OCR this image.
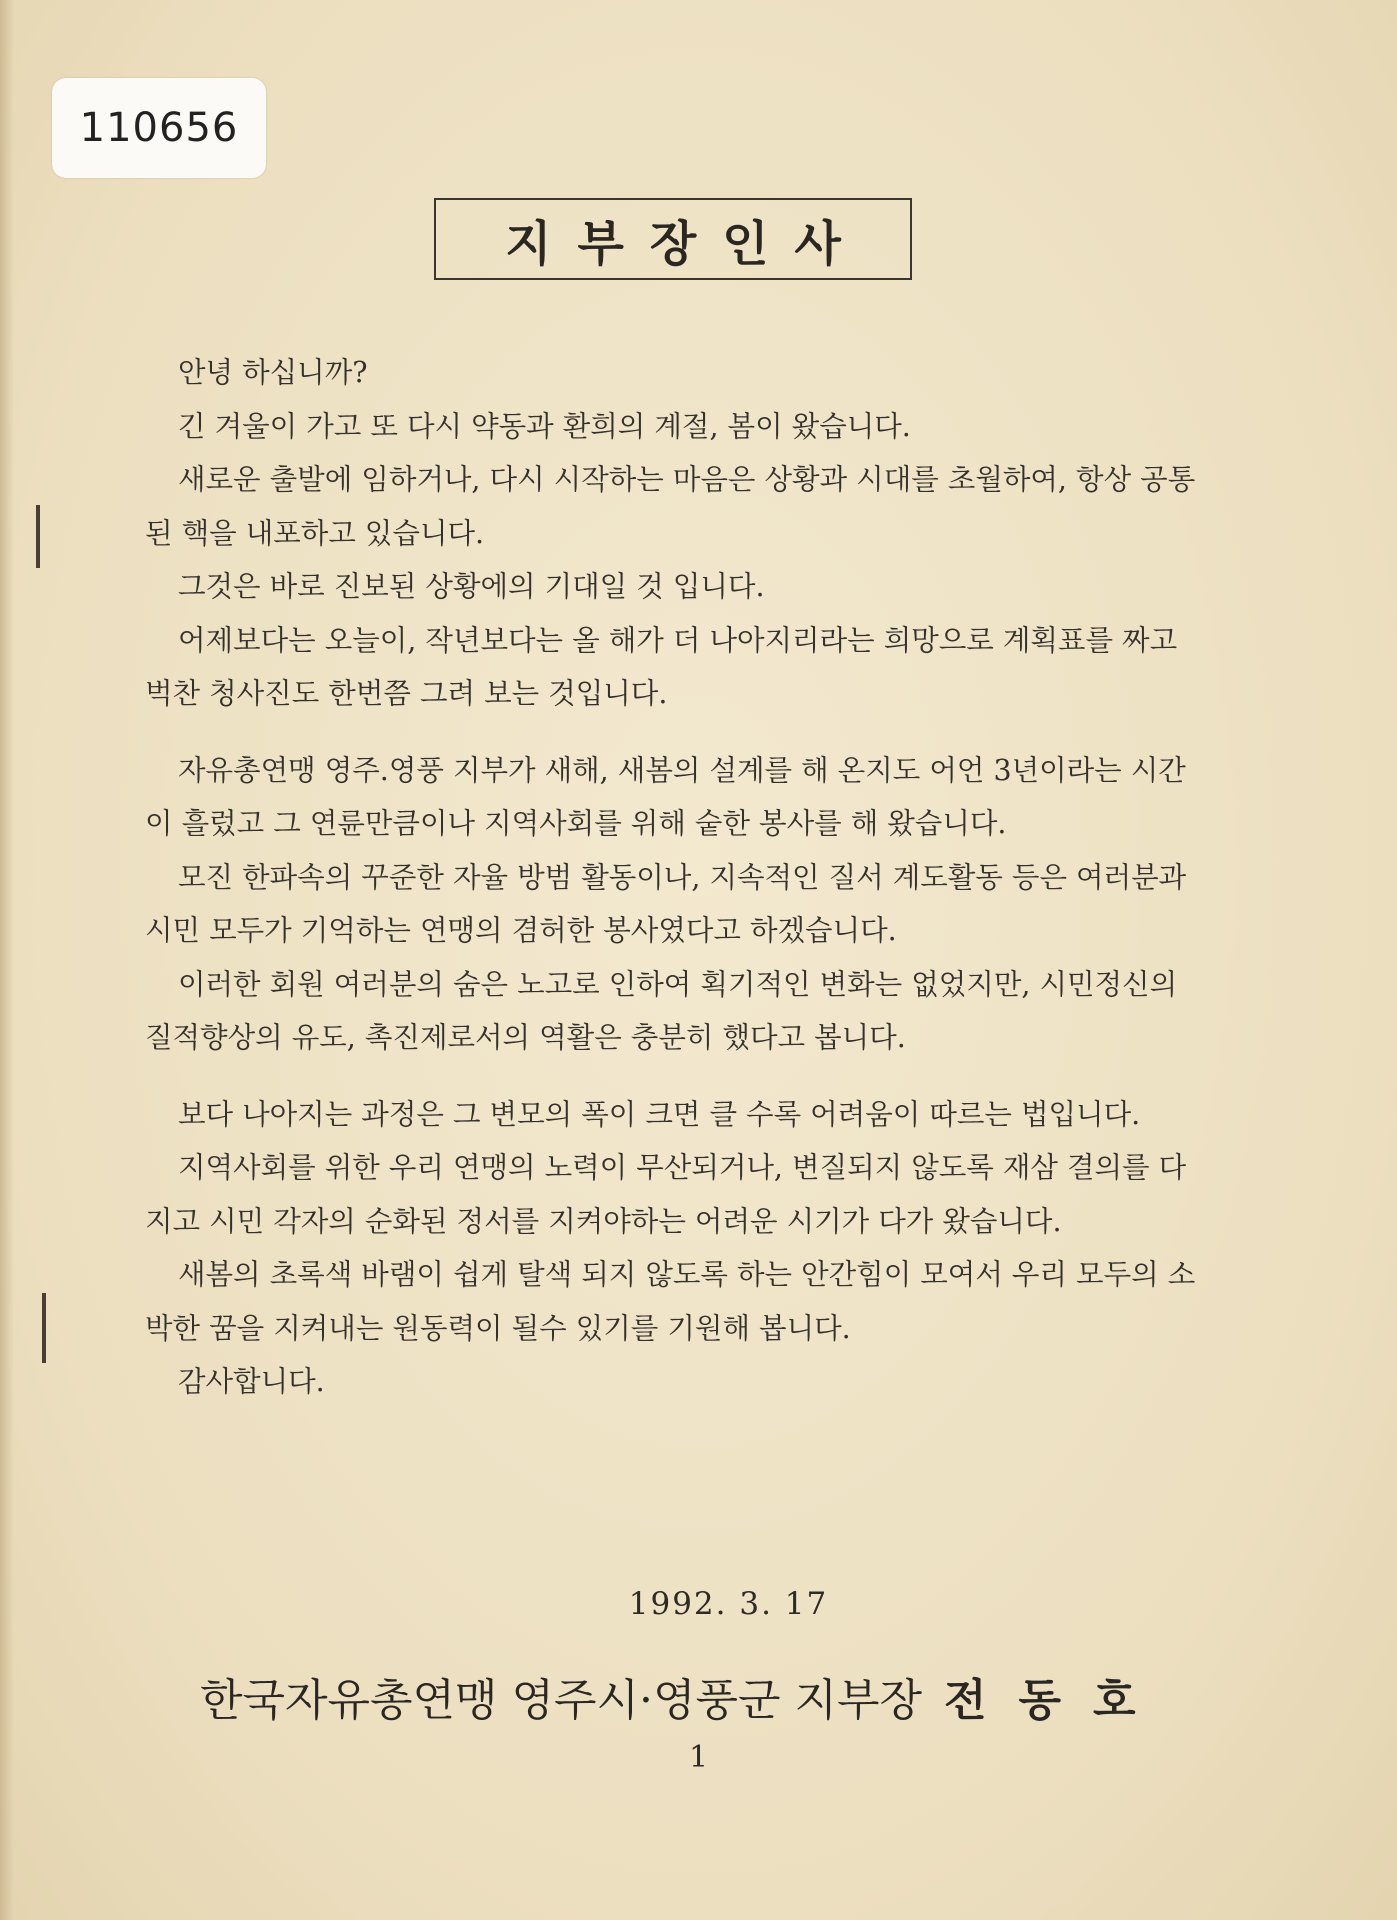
110656
지부장인사

안녕 하십니까?

긴 겨울이 가고 또 다시 약동과 환희의 계절, 봄이 왔습니다.

새로운 출발에 임하거나, 다시 시작하는 마음은 상황과 시대를 초월하여, 항상 공통된 핵을 내포하고 있습니다.

그것은 바로 진보된 상황에의 기대일 것 입니다.

어제보다는 오늘이, 작년보다는 올 해가 더 나아지리라는 희망으로 계획표를 짜고 벅찬 청사진도 한번쯤 그려 보는 것입니다.

자유총연맹 영주.영풍 지부가 새해, 새봄의 설계를 해 온지도 어언 3년이라는 시간이 흘렀고 그 연륜만큼이나 지역사회를 위해 숱한 봉사를 해 왔습니다.

모진 한파속의 꾸준한 자율 방범 활동이나, 지속적인 질서 계도활동 등은 여러분과 시민 모두가 기억하는 연맹의 겸허한 봉사였다고 하겠습니다.

이러한 회원 여러분의 숨은 노고로 인하여 획기적인 변화는 없었지만, 시민정신의 질적향상의 유도, 촉진제로서의 역활은 충분히 했다고 봅니다.

보다 나아지는 과정은 그 변모의 폭이 크면 클 수록 어려움이 따르는 법입니다.

지역사회를 위한 우리 연맹의 노력이 무산되거나, 변질되지 않도록 재삼 결의를 다지고 시민 각자의 순화된 정서를 지켜야하는 어려운 시기가 다가 왔습니다.

새봄의 초록색 바램이 쉽게 탈색 되지 않도록 하는 안간힘이 모여서 우리 모두의 소박한 꿈을 지켜내는 원동력이 될수 있기를 기원해 봅니다.

감사합니다.

1992. 3. 17
한국자유총연맹 영주시·영풍군 지부장 전동호
1
